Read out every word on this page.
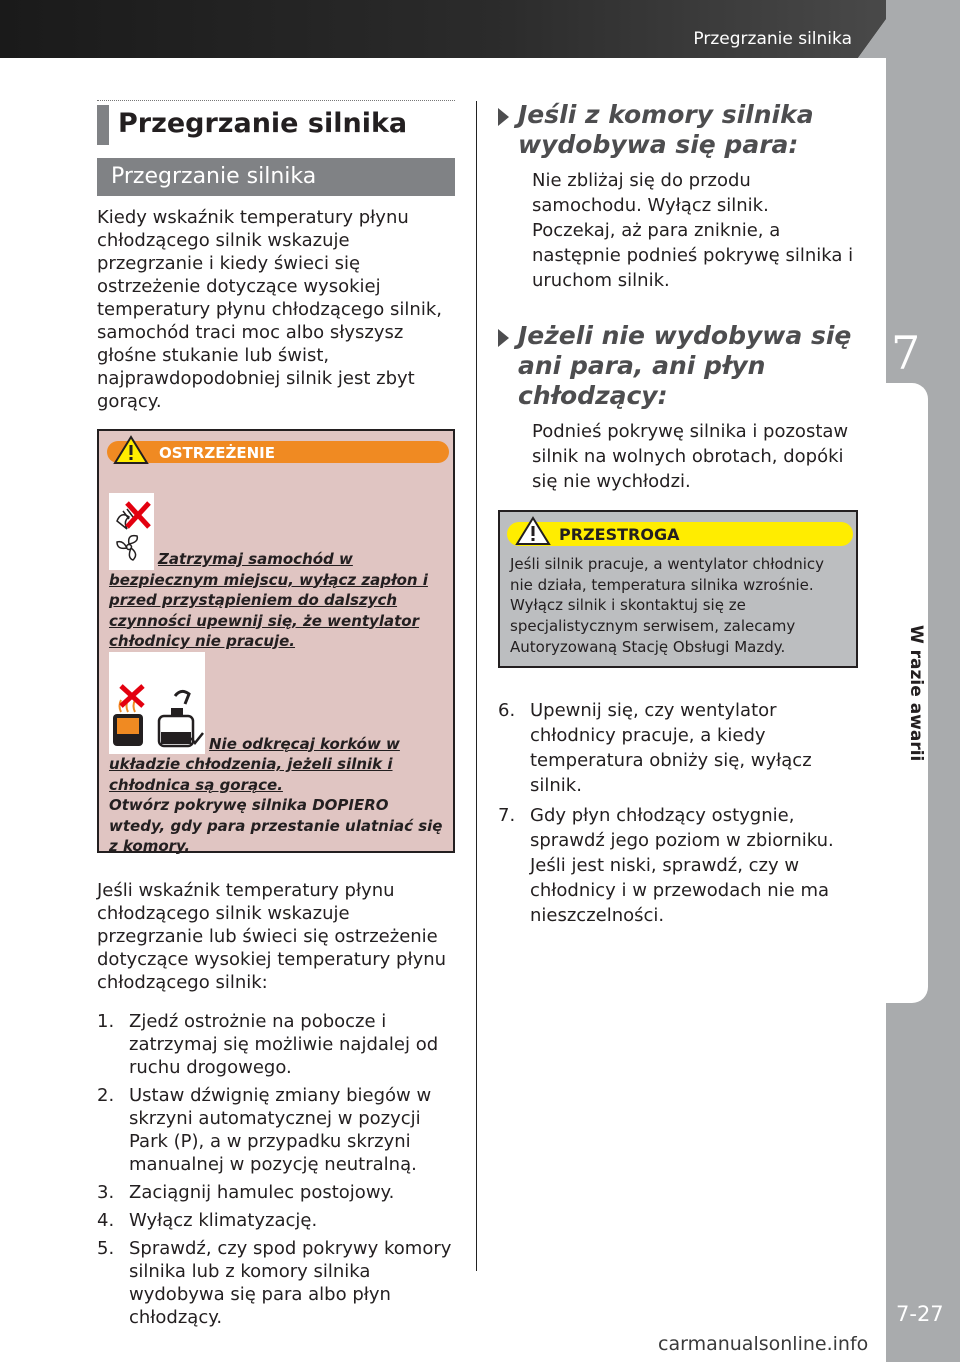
Przegrzanie silnika
7
W razie awarii
7-27
Przegrzanie silnika
Przegrzanie silnika

Kiedy wskaźnik temperatury płynu chłodzącego silnik wskazuje przegrzanie i kiedy świeci się ostrzeżenie dotyczące wysokiej temperatury płynu chłodzącego silnik, samochód traci moc albo słyszysz głośne stukanie lub świst, najprawdopodobniej silnik jest zbyt gorący.

OSTRZEŻENIE
Zatrzymaj samochód w bezpiecznym miejscu, wyłącz zapłon i przed przystąpieniem do dalszych czynności upewnij się, że wentylator chłodnicy nie pracuje.
Nie odkręcaj korków w układzie chłodzenia, jeżeli silnik i chłodnica są gorące.
Otwórz pokrywę silnika DOPIERO wtedy, gdy para przestanie ulatniać się z komory.

Jeśli wskaźnik temperatury płynu chłodzącego silnik wskazuje przegrzanie lub świeci się ostrzeżenie dotyczące wysokiej temperatury płynu chłodzącego silnik:

1. Zjedź ostrożnie na pobocze i zatrzymaj się możliwie najdalej od ruchu drogowego.
2. Ustaw dźwignię zmiany biegów w skrzyni automatycznej w pozycji Park (P), a w przypadku skrzyni manualnej w pozycję neutralną.
3. Zaciągnij hamulec postojowy.
4. Wyłącz klimatyzację.
5. Sprawdź, czy spod pokrywy komory silnika lub z komory silnika wydobywa się para albo płyn chłodzący.
Jeśli z komory silnika wydobywa się para:
Nie zbliżaj się do przodu samochodu. Wyłącz silnik. Poczekaj, aż para zniknie, a następnie podnieś pokrywę silnika i uruchom silnik.
Jeżeli nie wydobywa się ani para, ani płyn chłodzący:
Podnieś pokrywę silnika i pozostaw silnik na wolnych obrotach, dopóki się nie wychłodzi.
PRZESTROGA
Jeśli silnik pracuje, a wentylator chłodnicy nie działa, temperatura silnika wzrośnie. Wyłącz silnik i skontaktuj się ze specjalistycznym serwisem, zalecamy Autoryzowaną Stację Obsługi Mazdy.
6. Upewnij się, czy wentylator chłodnicy pracuje, a kiedy temperatura obniży się, wyłącz silnik.
7. Gdy płyn chłodzący ostygnie, sprawdź jego poziom w zbiorniku. Jeśli jest niski, sprawdź, czy w chłodnicy i w przewodach nie ma nieszczelności.
carmanualsonline.info
